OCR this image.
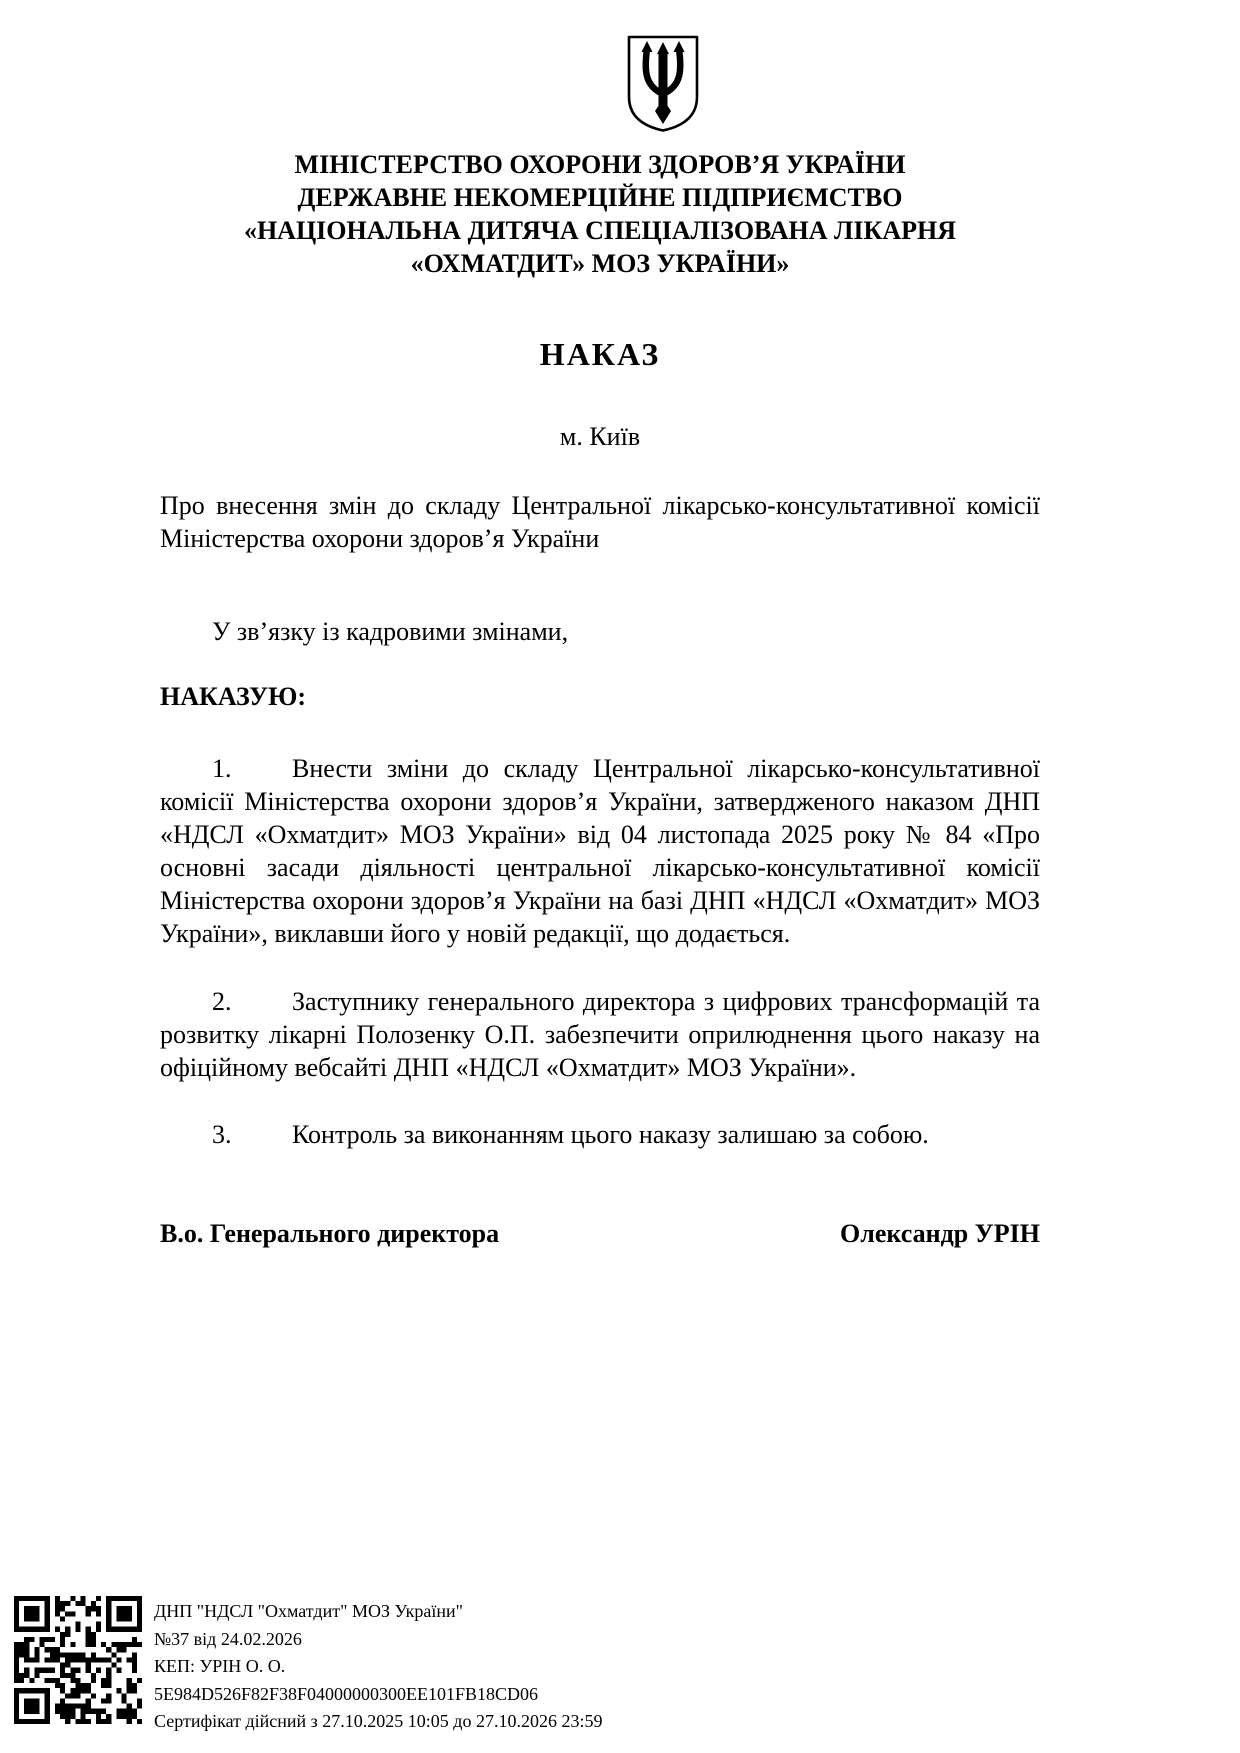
МІНІСТЕРСТВО ОХОРОНИ ЗДОРОВ’Я УКРАЇНИ
ДЕРЖАВНЕ НЕКОМЕРЦІЙНЕ ПІДПРИЄМСТВО
«НАЦІОНАЛЬНА ДИТЯЧА СПЕЦІАЛІЗОВАНА ЛІКАРНЯ
«ОХМАТДИТ» МОЗ УКРАЇНИ»
НАКАЗ
м. Київ

Про внесення змін до складу Центральної лікарсько-консультативної комісії Міністерства охорони здоров’я України

У зв’язку із кадровими змінами,

НАКАЗУЮ:

1. Внести зміни до складу Центральної лікарсько-консультативної комісії Міністерства охорони здоров’я України, затвердженого наказом ДНП «НДСЛ «Охматдит» МОЗ України» від 04 листопада 2025 року № 84 «Про основні засади діяльності центральної лікарсько-консультативної комісії Міністерства охорони здоров’я України на базі ДНП «НДСЛ «Охматдит» МОЗ України», виклавши його у новій редакції, що додається.

2. Заступнику генерального директора з цифрових трансформацій та розвитку лікарні Полозенку О.П. забезпечити оприлюднення цього наказу на офіційному вебсайті ДНП «НДСЛ «Охматдит» МОЗ України».

3. Контроль за виконанням цього наказу залишаю за собою.

В.о. Генерального директора	Олександр УРІН
ДНП "НДСЛ "Охматдит" МОЗ України"
№37 від 24.02.2026
КЕП: УРІН О. О.
5E984D526F82F38F04000000300EE101FB18CD06
Сертифікат дійсний з 27.10.2025 10:05 до 27.10.2026 23:59
